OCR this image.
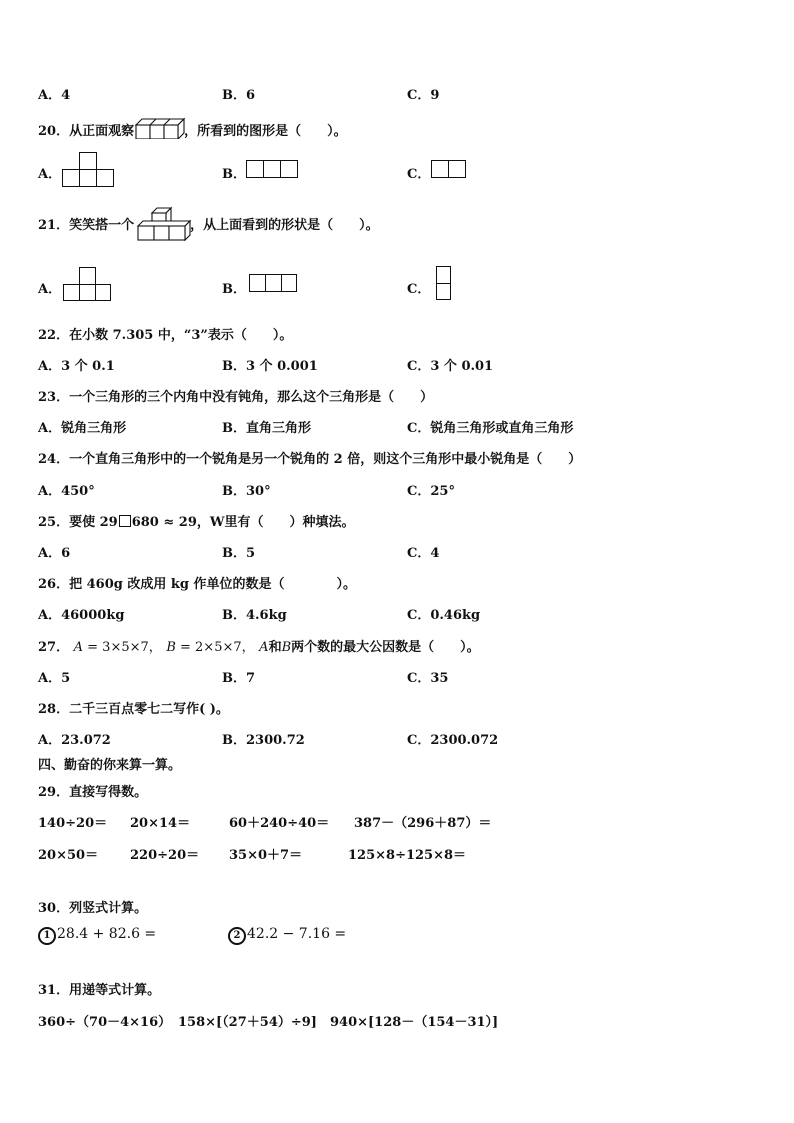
A．4	B．6	C．9
20．从正面观察	，所看到的图形是（　　）。
A．	B．	C．
21．笑笑搭一个	，从上面看到的形状是（　　）。
A．	B．	C．
22．在小数 7.305 中，“3”表示（　　）。
A．3 个 0.1	B．3 个 0.001	C．3 个 0.01
23．一个三角形的三个内角中没有钝角，那么这个三角形是（　　）
A．锐角三角形	B．直角三角形	C．锐角三角形或直角三角形
24．一个直角三角形中的一个锐角是另一个锐角的 2 倍，则这个三角形中最小锐角是（　　）
A．450°	B．30°	C．25°
25．要使 29 680 ≈ 29，W里有（　　）种填法。
A．6	B．5	C．4
26．把 460g 改成用 kg 作单位的数是（　　　　）。
A．46000kg	B．4.6kg	C．0.46kg
27． A = 3×5×7， B = 2×5×7， A和B两个数的最大公因数是（　　）。
A．5	B．7	C．35
28．二千三百点零七二写作( )。
A．23.072	B．2300.72	C．2300.072
四、勤奋的你来算一算。
29．直接写得数。
140÷20＝ 20×14＝	60＋240÷40＝ 387－（296＋87）＝
20×50＝ 220÷20＝ 35×0＋7＝	125×8÷125×8＝
30．列竖式计算。
1 28.4 + 82.6 =	2 42.2 − 7.16 =
31．用递等式计算。
360÷（70－4×16） 158×[（27＋54）÷9] 940×[128－（154－31）]
